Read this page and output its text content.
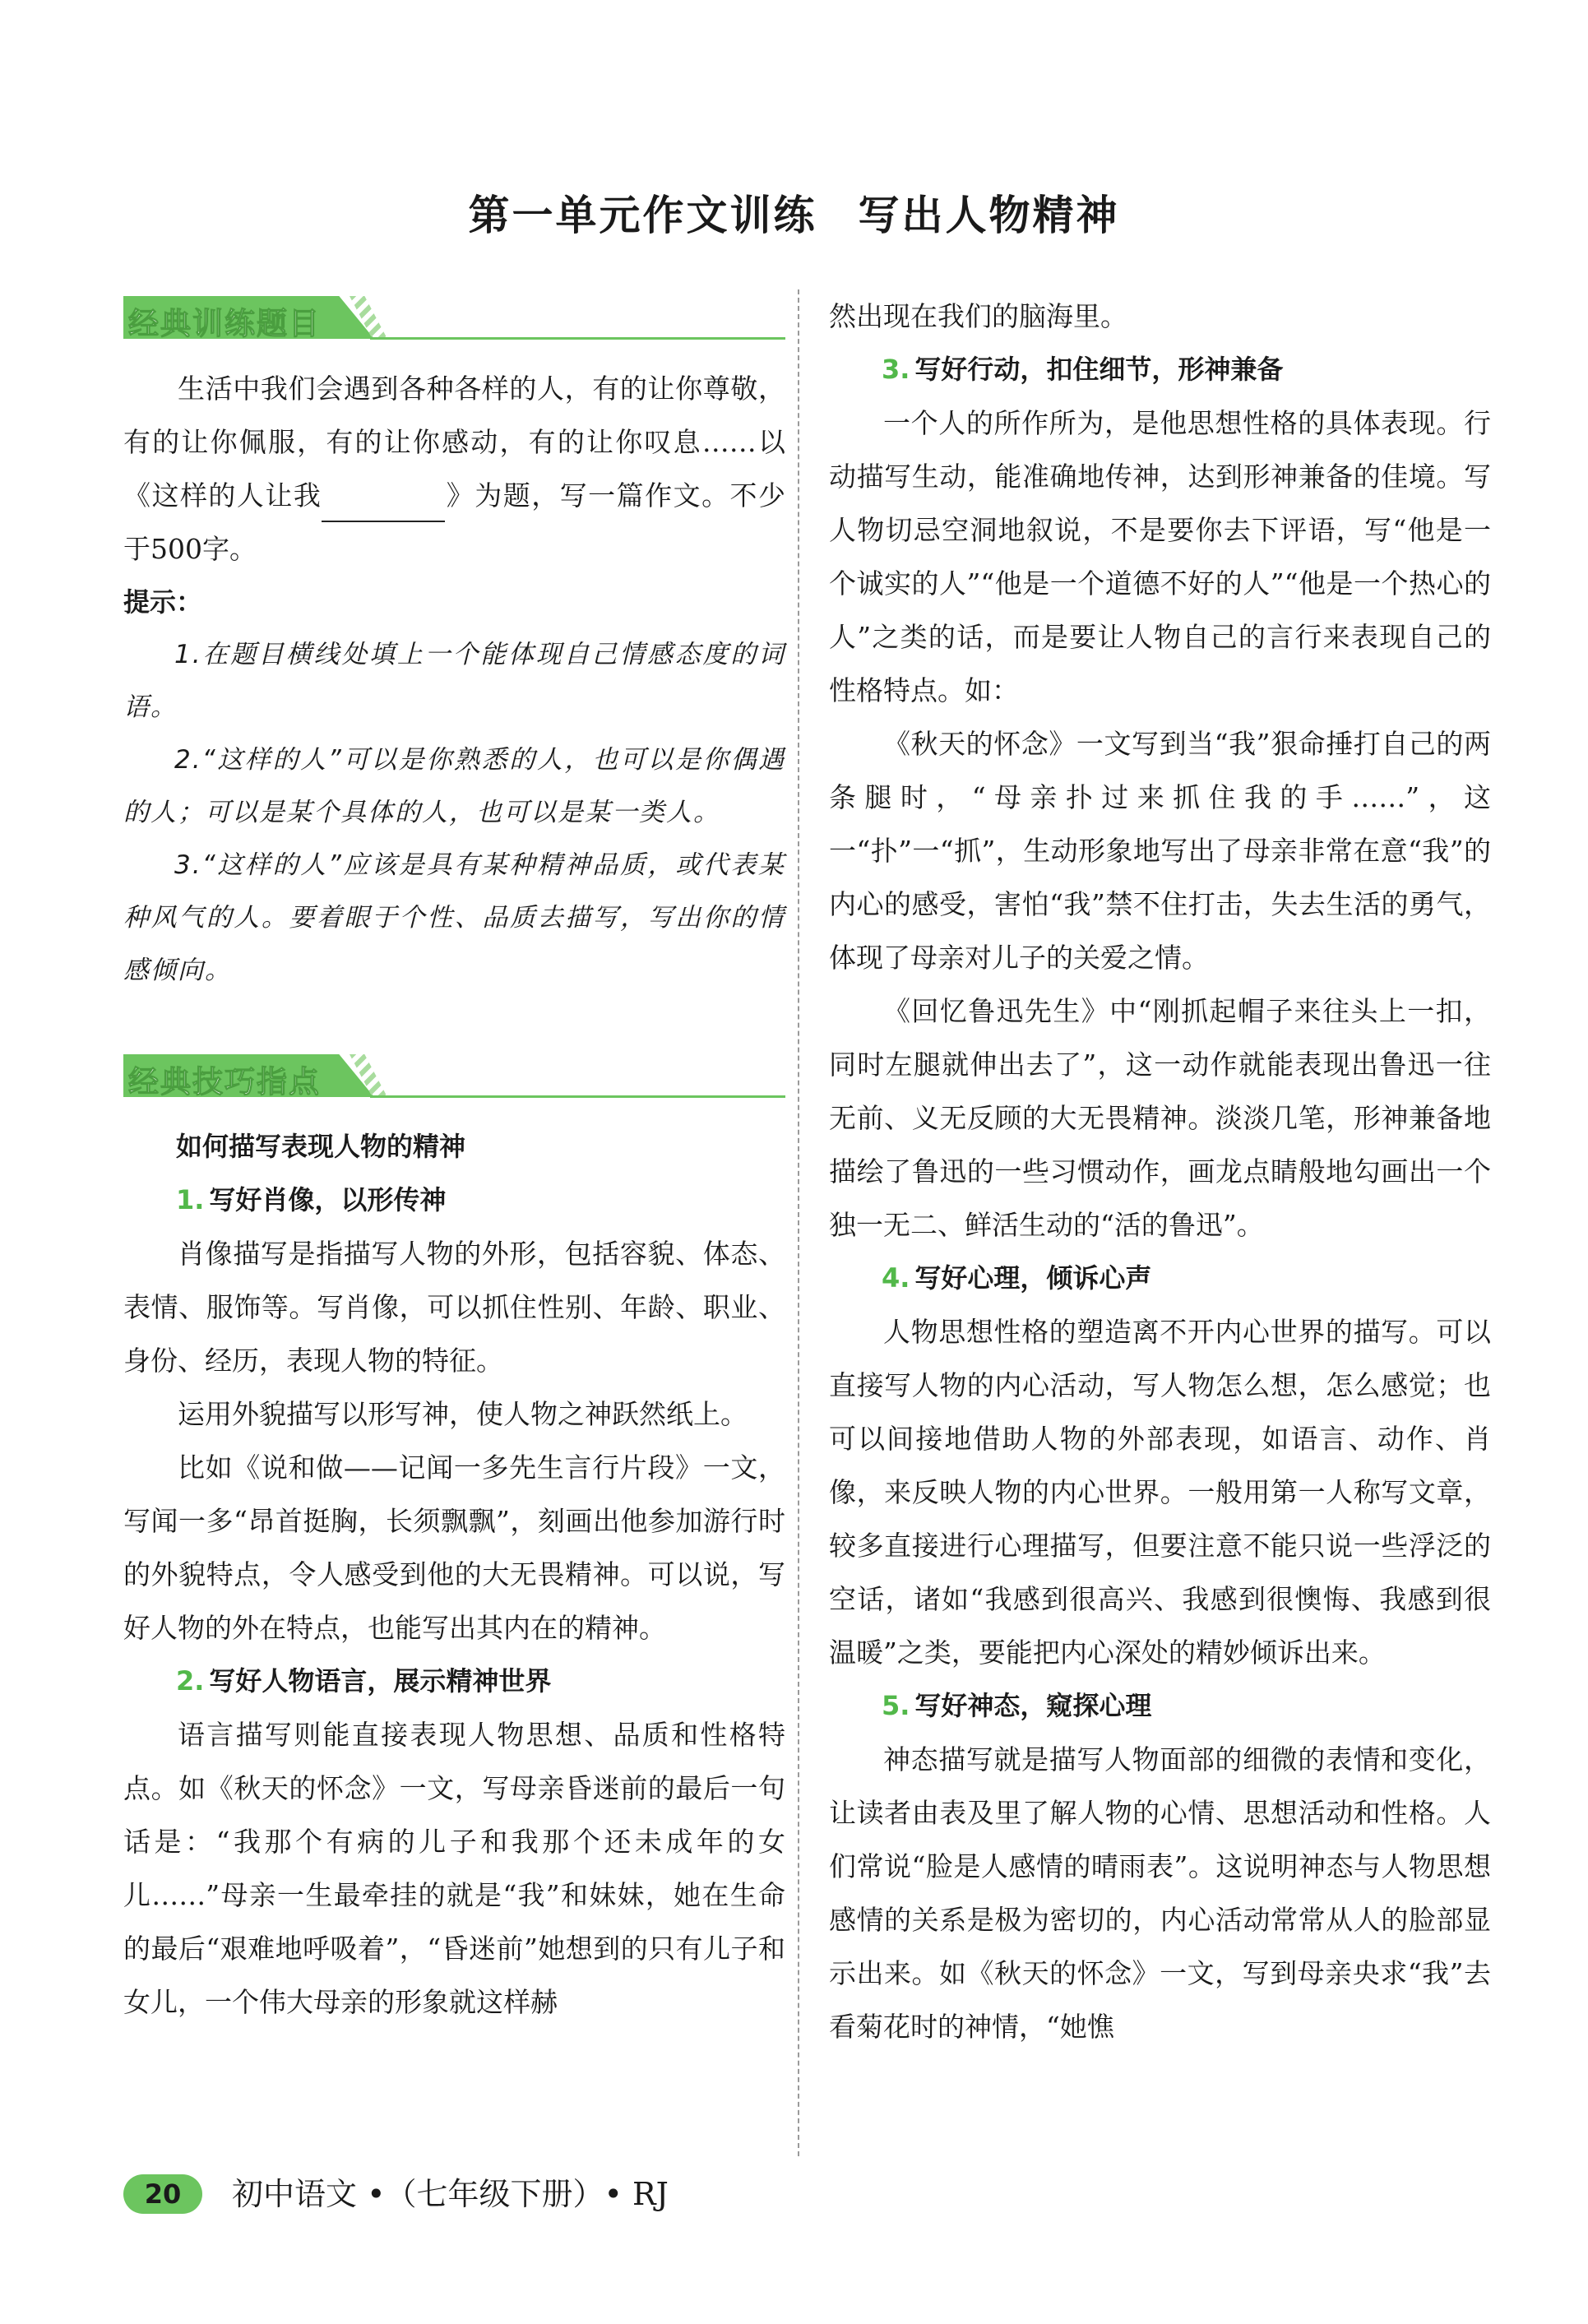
第一单元作文训练 写出人物精神
经典训练题目

生活中我们会遇到各种各样的人，有的让你尊敬，有的让你佩服，有的让你感动，有的让你叹息……以《这样的人让我	》为题，写一篇作文。不少于500字。

提示：
1.在题目横线处填上一个能体现自己情感态度的词语。
2.“这样的人”可以是你熟悉的人，也可以是你偶遇的人；可以是某个具体的人，也可以是某一类人。
3.“这样的人”应该是具有某种精神品质，或代表某种风气的人。要着眼于个性、品质去描写，写出你的情感倾向。
经典技巧指点
如何描写表现人物的精神
1. 写好肖像，以形传神

肖像描写是指描写人物的外形，包括容貌、体态、表情、服饰等。写肖像，可以抓住性别、年龄、职业、身份、经历，表现人物的特征。

运用外貌描写以形写神，使人物之神跃然纸上。

比如《说和做——记闻一多先生言行片段》一文，写闻一多“昂首挺胸，长须飘飘”，刻画出他参加游行时的外貌特点，令人感受到他的大无畏精神。可以说，写好人物的外在特点，也能写出其内在的精神。

2. 写好人物语言，展示精神世界

语言描写则能直接表现人物思想、品质和性格特点。如《秋天的怀念》一文，写母亲昏迷前的最后一句话是：“我那个有病的儿子和我那个还未成年的女儿……”母亲一生最牵挂的就是“我”和妹妹，她在生命的最后“艰难地呼吸着”，“昏迷前”她想到的只有儿子和女儿，一个伟大母亲的形象就这样赫

然出现在我们的脑海里。

3. 写好行动，扣住细节，形神兼备

一个人的所作所为，是他思想性格的具体表现。行动描写生动，能准确地传神，达到形神兼备的佳境。写人物切忌空洞地叙说，不是要你去下评语，写“他是一个诚实的人”“他是一个道德不好的人”“他是一个热心的人”之类的话，而是要让人物自己的言行来表现自己的性格特点。如：

《秋天的怀念》一文写到当“我”狠命捶打自己的两条腿时，“母亲扑过来抓住我的手……”，这一“扑”一“抓”，生动形象地写出了母亲非常在意“我”的内心的感受，害怕“我”禁不住打击，失去生活的勇气，体现了母亲对儿子的关爱之情。

《回忆鲁迅先生》中“刚抓起帽子来往头上一扣，同时左腿就伸出去了”，这一动作就能表现出鲁迅一往无前、义无反顾的大无畏精神。淡淡几笔，形神兼备地描绘了鲁迅的一些习惯动作，画龙点睛般地勾画出一个独一无二、鲜活生动的“活的鲁迅”。

4. 写好心理，倾诉心声

人物思想性格的塑造离不开内心世界的描写。可以直接写人物的内心活动，写人物怎么想，怎么感觉；也可以间接地借助人物的外部表现，如语言、动作、肖像，来反映人物的内心世界。一般用第一人称写文章，较多直接进行心理描写，但要注意不能只说一些浮泛的空话，诸如“我感到很高兴、我感到很懊悔、我感到很温暖”之类，要能把内心深处的精妙倾诉出来。

5. 写好神态，窥探心理

神态描写就是描写人物面部的细微的表情和变化，让读者由表及里了解人物的心情、思想活动和性格。人们常说“脸是人感情的晴雨表”。这说明神态与人物思想感情的关系是极为密切的，内心活动常常从人的脸部显示出来。如《秋天的怀念》一文，写到母亲央求“我”去看菊花时的神情，“她憔

20	初中语文 •（七年级下册）• RJ
